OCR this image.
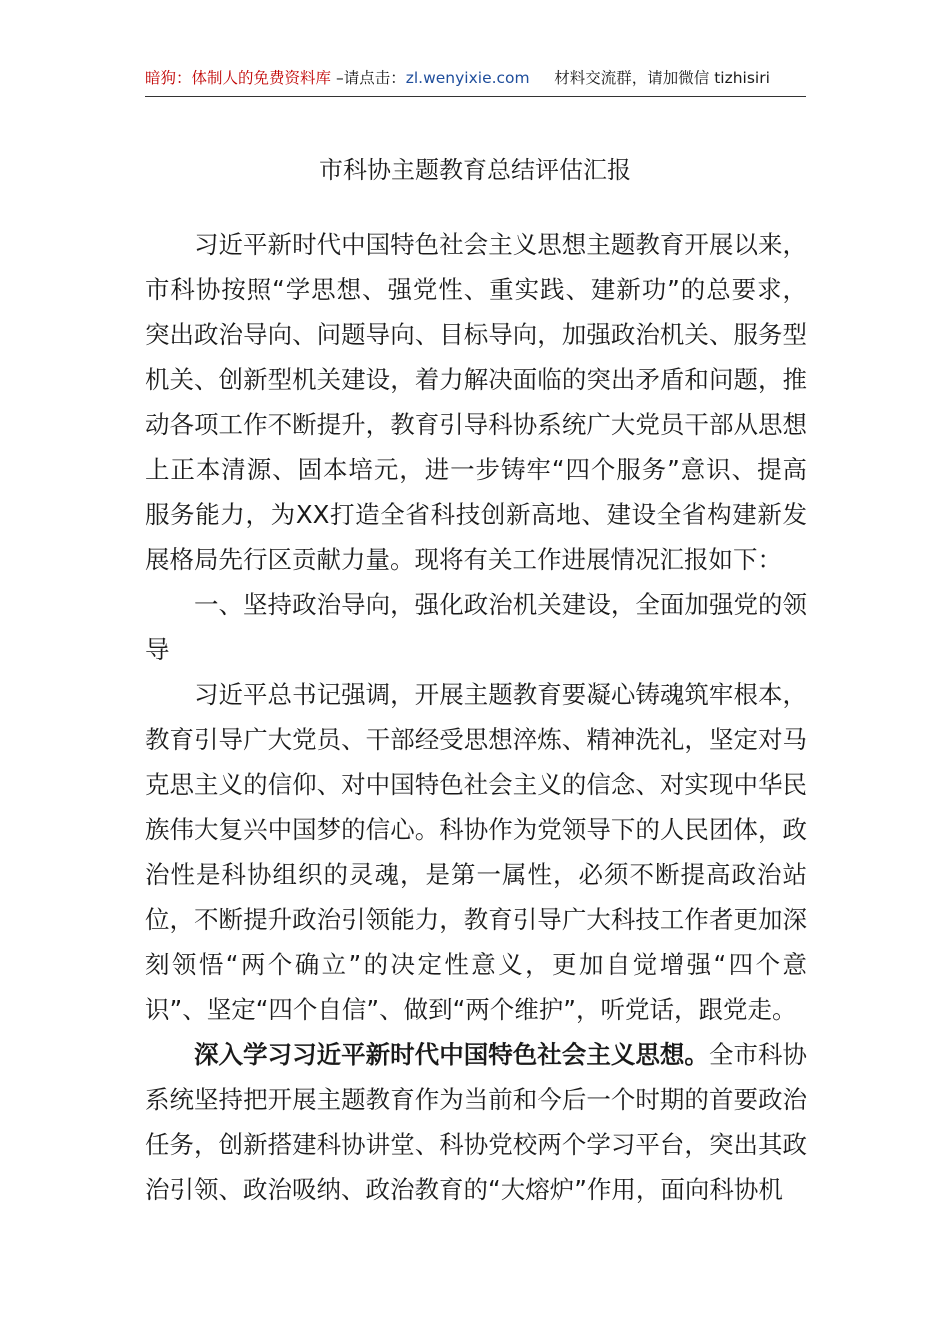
暗狗：体制人的免费资料库 –请点击：zl.wenyixie.com     材料交流群，请加微信 tizhisiri
市科协主题教育总结评估汇报

习近平新时代中国特色社会主义思想主题教育开展以来，市科协按照“学思想、强党性、重实践、建新功”的总要求，突出政治导向、问题导向、目标导向，加强政治机关、服务型机关、创新型机关建设，着力解决面临的突出矛盾和问题，推动各项工作不断提升，教育引导科协系统广大党员干部从思想上正本清源、固本培元，进一步铸牢“四个服务”意识、提高服务能力，为XX打造全省科技创新高地、建设全省构建新发展格局先行区贡献力量。现将有关工作进展情况汇报如下：

一、坚持政治导向，强化政治机关建设，全面加强党的领导

习近平总书记强调，开展主题教育要凝心铸魂筑牢根本，教育引导广大党员、干部经受思想淬炼、精神洗礼，坚定对马克思主义的信仰、对中国特色社会主义的信念、对实现中华民族伟大复兴中国梦的信心。科协作为党领导下的人民团体，政治性是科协组织的灵魂，是第一属性，必须不断提高政治站位，不断提升政治引领能力，教育引导广大科技工作者更加深刻领悟“两个确立”的决定性意义，更加自觉增强“四个意识”、坚定“四个自信”、做到“两个维护”，听党话，跟党走。

深入学习习近平新时代中国特色社会主义思想。全市科协系统坚持把开展主题教育作为当前和今后一个时期的首要政治任务，创新搭建科协讲堂、科协党校两个学习平台，突出其政治引领、政治吸纳、政治教育的“大熔炉”作用，面向科协机
